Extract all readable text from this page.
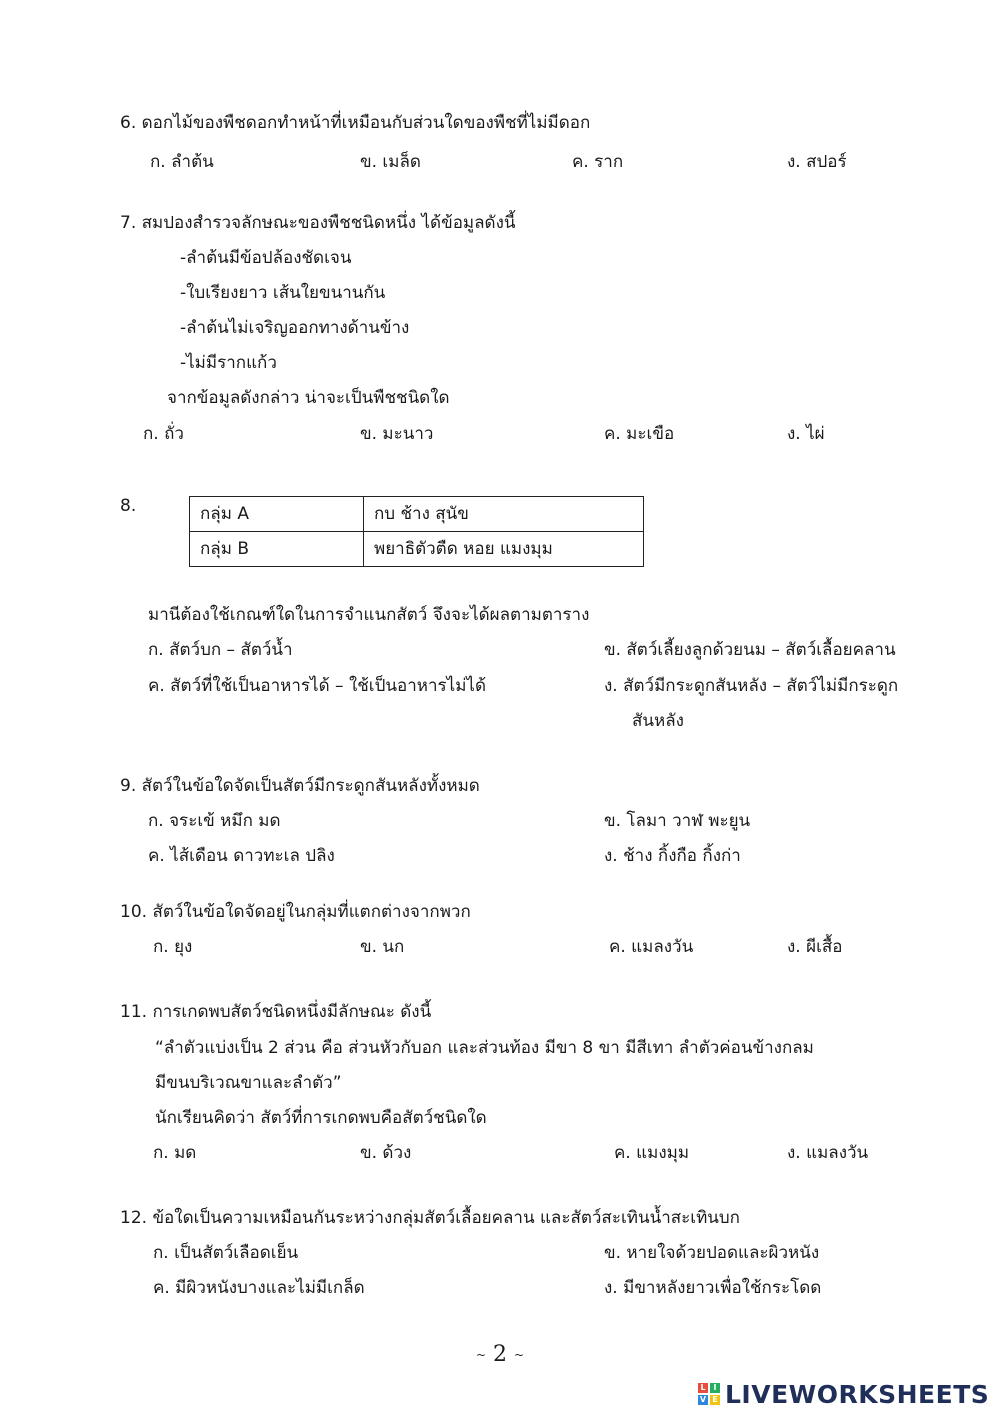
6. ดอกไม้ของพืชดอกทำหน้าที่เหมือนกับส่วนใดของพืชที่ไม่มีดอก
ก. ลำต้น	ข. เมล็ด	ค. ราก	ง. สปอร์
7. สมปองสำรวจลักษณะของพืชชนิดหนึ่ง ได้ข้อมูลดังนี้
-ลำต้นมีข้อปล้องชัดเจน
-ใบเรียงยาว เส้นใยขนานกัน
-ลำต้นไม่เจริญออกทางด้านข้าง
-ไม่มีรากแก้ว
จากข้อมูลดังกล่าว น่าจะเป็นพืชชนิดใด
ก. ถั่ว	ข. มะนาว	ค. มะเขือ	ง. ไผ่
8.	กลุ่ม A	กบ ช้าง สุนัข
กลุ่ม B	พยาธิตัวตืด หอย แมงมุม
มานีต้องใช้เกณฑ์ใดในการจำแนกสัตว์ จึงจะได้ผลตามตาราง
ก. สัตว์บก – สัตว์น้ำ	ข. สัตว์เลี้ยงลูกด้วยนม – สัตว์เลื้อยคลาน
ค. สัตว์ที่ใช้เป็นอาหารได้ – ใช้เป็นอาหารไม่ได้	ง. สัตว์มีกระดูกสันหลัง – สัตว์ไม่มีกระดูก
สันหลัง
9. สัตว์ในข้อใดจัดเป็นสัตว์มีกระดูกสันหลังทั้งหมด
ก. จระเข้ หมึก มด	ข. โลมา วาฬ พะยูน
ค. ไส้เดือน ดาวทะเล ปลิง	ง. ช้าง กิ้งกือ กิ้งก่า
10. สัตว์ในข้อใดจัดอยู่ในกลุ่มที่แตกต่างจากพวก
ก. ยุง	ข. นก	ค. แมลงวัน	ง. ผีเสื้อ
11. การเกดพบสัตว์ชนิดหนึ่งมีลักษณะ ดังนี้
“ลำตัวแบ่งเป็น 2 ส่วน คือ ส่วนหัวกับอก และส่วนท้อง มีขา 8 ขา มีสีเทา ลำตัวค่อนข้างกลม
มีขนบริเวณขาและลำตัว”
นักเรียนคิดว่า สัตว์ที่การเกดพบคือสัตว์ชนิดใด
ก. มด	ข. ด้วง	ค. แมงมุม	ง. แมลงวัน
12. ข้อใดเป็นความเหมือนกันระหว่างกลุ่มสัตว์เลื้อยคลาน และสัตว์สะเทินน้ำสะเทินบก
ก. เป็นสัตว์เลือดเย็น	ข. หายใจด้วยปอดและผิวหนัง
ค. มีผิวหนังบางและไม่มีเกล็ด	ง. มีขาหลังยาวเพื่อใช้กระโดด
~ 2 ~
L I
V E LIVEWORKSHEETS
